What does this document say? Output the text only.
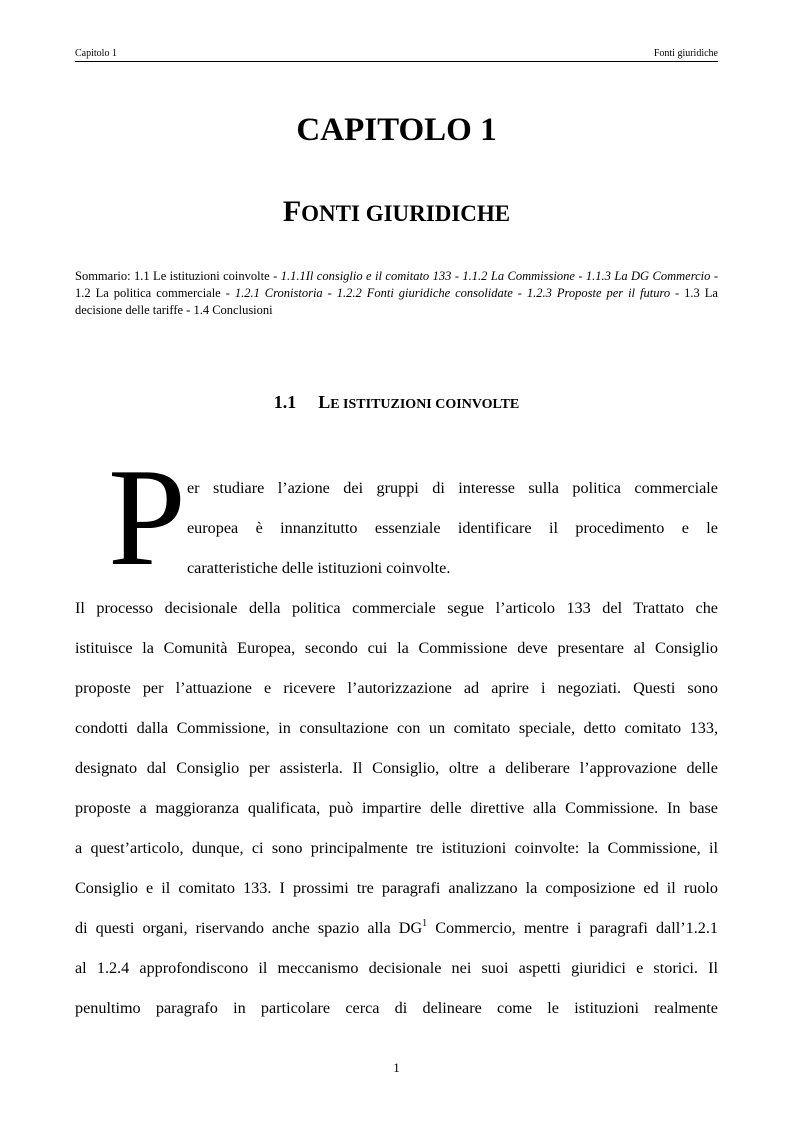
Capitolo 1	Fonti giuridiche
CAPITOLO 1
FONTI GIURIDICHE
Sommario: 1.1 Le istituzioni coinvolte - 1.1.1Il consiglio e il comitato 133 - 1.1.2 La Commissione - 1.1.3 La DG Commercio - 1.2 La politica commerciale - 1.2.1 Cronistoria - 1.2.2 Fonti giuridiche consolidate - 1.2.3 Proposte per il futuro - 1.3 La decisione delle tariffe - 1.4 Conclusioni
1.1 LE ISTITUZIONI COINVOLTE
P er studiare l’azione dei gruppi di interesse sulla politica commerciale
europea è innanzitutto essenziale identificare il procedimento e le
caratteristiche delle istituzioni coinvolte.
Il processo decisionale della politica commerciale segue l’articolo 133 del Trattato che
istituisce la Comunità Europea, secondo cui la Commissione deve presentare al Consiglio
proposte per l’attuazione e ricevere l’autorizzazione ad aprire i negoziati. Questi sono
condotti dalla Commissione, in consultazione con un comitato speciale, detto comitato 133,
designato dal Consiglio per assisterla. Il Consiglio, oltre a deliberare l’approvazione delle
proposte a maggioranza qualificata, può impartire delle direttive alla Commissione. In base
a quest’articolo, dunque, ci sono principalmente tre istituzioni coinvolte: la Commissione, il
Consiglio e il comitato 133. I prossimi tre paragrafi analizzano la composizione ed il ruolo
di questi organi, riservando anche spazio alla $DG^1$ Commercio, mentre i paragrafi dall’1.2.1
al 1.2.4 approfondiscono il meccanismo decisionale nei suoi aspetti giuridici e storici. Il
penultimo paragrafo in particolare cerca di delineare come le istituzioni realmente
1
